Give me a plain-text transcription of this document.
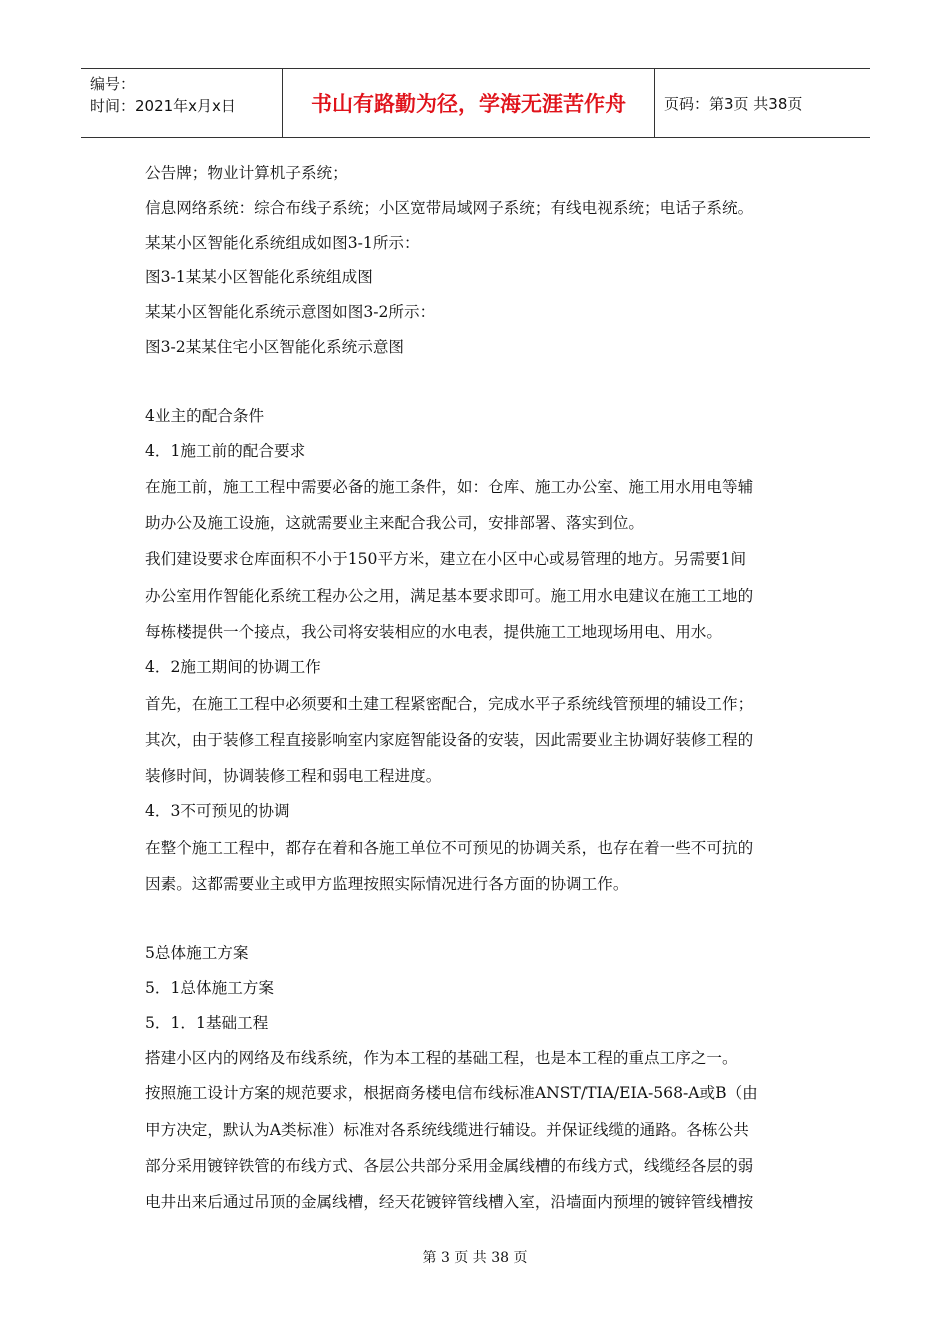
编号：
时间：2021年x月x日	书山有路勤为径，学海无涯苦作舟	页码：第3页 共38页
公告牌；物业计算机子系统；
信息网络系统：综合布线子系统；小区宽带局域网子系统；有线电视系统；电话子系统。
某某小区智能化系统组成如图3-1所示：
图3-1某某小区智能化系统组成图
某某小区智能化系统示意图如图3-2所示：
图3-2某某住宅小区智能化系统示意图
4业主的配合条件
4．1施工前的配合要求
在施工前，施工工程中需要必备的施工条件，如：仓库、施工办公室、施工用水用电等辅
助办公及施工设施，这就需要业主来配合我公司，安排部署、落实到位。
我们建设要求仓库面积不小于150平方米，建立在小区中心或易管理的地方。另需要1间
办公室用作智能化系统工程办公之用，满足基本要求即可。施工用水电建议在施工工地的
每栋楼提供一个接点，我公司将安装相应的水电表，提供施工工地现场用电、用水。
4．2施工期间的协调工作
首先，在施工工程中必须要和土建工程紧密配合，完成水平子系统线管预埋的辅设工作；
其次，由于装修工程直接影响室内家庭智能设备的安装，因此需要业主协调好装修工程的
装修时间，协调装修工程和弱电工程进度。
4．3不可预见的协调
在整个施工工程中，都存在着和各施工单位不可预见的协调关系，也存在着一些不可抗的
因素。这都需要业主或甲方监理按照实际情况进行各方面的协调工作。
5总体施工方案
5．1总体施工方案
5．1．1基础工程
搭建小区内的网络及布线系统，作为本工程的基础工程，也是本工程的重点工序之一。
按照施工设计方案的规范要求，根据商务楼电信布线标准ANST/TIA/EIA-568-A或B（由
甲方决定，默认为A类标准）标准对各系统线缆进行辅设。并保证线缆的通路。各栋公共
部分采用镀锌铁管的布线方式、各层公共部分采用金属线槽的布线方式，线缆经各层的弱
电井出来后通过吊顶的金属线槽，经天花镀锌管线槽入室，沿墙面内预埋的镀锌管线槽按
第 3 页 共 38 页
